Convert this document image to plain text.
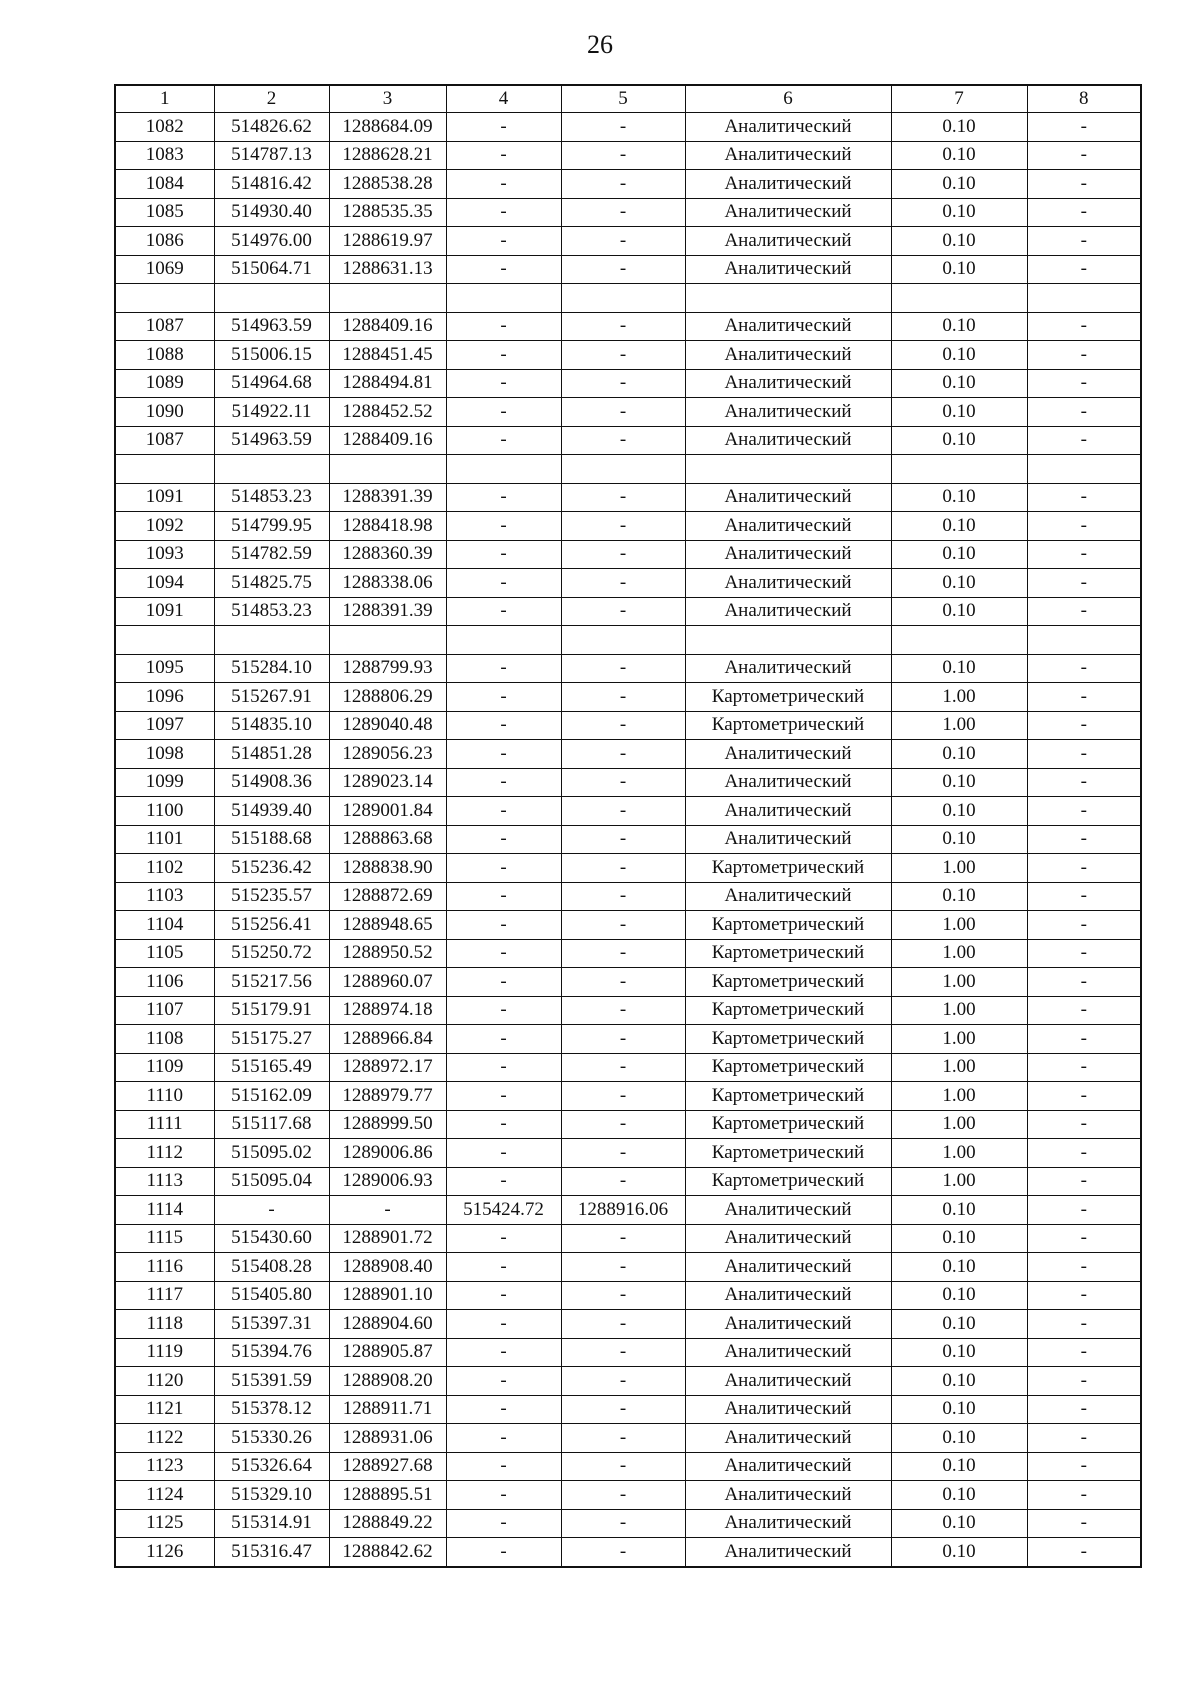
26
1	2	3	4	5	6	7	8
1082	514826.62	1288684.09	-	-	Аналитический	0.10	-
1083	514787.13	1288628.21	-	-	Аналитический	0.10	-
1084	514816.42	1288538.28	-	-	Аналитический	0.10	-
1085	514930.40	1288535.35	-	-	Аналитический	0.10	-
1086	514976.00	1288619.97	-	-	Аналитический	0.10	-
1069	515064.71	1288631.13	-	-	Аналитический	0.10	-

1087	514963.59	1288409.16	-	-	Аналитический	0.10	-
1088	515006.15	1288451.45	-	-	Аналитический	0.10	-
1089	514964.68	1288494.81	-	-	Аналитический	0.10	-
1090	514922.11	1288452.52	-	-	Аналитический	0.10	-
1087	514963.59	1288409.16	-	-	Аналитический	0.10	-

1091	514853.23	1288391.39	-	-	Аналитический	0.10	-
1092	514799.95	1288418.98	-	-	Аналитический	0.10	-
1093	514782.59	1288360.39	-	-	Аналитический	0.10	-
1094	514825.75	1288338.06	-	-	Аналитический	0.10	-
1091	514853.23	1288391.39	-	-	Аналитический	0.10	-

1095	515284.10	1288799.93	-	-	Аналитический	0.10	-
1096	515267.91	1288806.29	-	-	Картометрический	1.00	-
1097	514835.10	1289040.48	-	-	Картометрический	1.00	-
1098	514851.28	1289056.23	-	-	Аналитический	0.10	-
1099	514908.36	1289023.14	-	-	Аналитический	0.10	-
1100	514939.40	1289001.84	-	-	Аналитический	0.10	-
1101	515188.68	1288863.68	-	-	Аналитический	0.10	-
1102	515236.42	1288838.90	-	-	Картометрический	1.00	-
1103	515235.57	1288872.69	-	-	Аналитический	0.10	-
1104	515256.41	1288948.65	-	-	Картометрический	1.00	-
1105	515250.72	1288950.52	-	-	Картометрический	1.00	-
1106	515217.56	1288960.07	-	-	Картометрический	1.00	-
1107	515179.91	1288974.18	-	-	Картометрический	1.00	-
1108	515175.27	1288966.84	-	-	Картометрический	1.00	-
1109	515165.49	1288972.17	-	-	Картометрический	1.00	-
1110	515162.09	1288979.77	-	-	Картометрический	1.00	-
1111	515117.68	1288999.50	-	-	Картометрический	1.00	-
1112	515095.02	1289006.86	-	-	Картометрический	1.00	-
1113	515095.04	1289006.93	-	-	Картометрический	1.00	-
1114	-	-	515424.72	1288916.06	Аналитический	0.10	-
1115	515430.60	1288901.72	-	-	Аналитический	0.10	-
1116	515408.28	1288908.40	-	-	Аналитический	0.10	-
1117	515405.80	1288901.10	-	-	Аналитический	0.10	-
1118	515397.31	1288904.60	-	-	Аналитический	0.10	-
1119	515394.76	1288905.87	-	-	Аналитический	0.10	-
1120	515391.59	1288908.20	-	-	Аналитический	0.10	-
1121	515378.12	1288911.71	-	-	Аналитический	0.10	-
1122	515330.26	1288931.06	-	-	Аналитический	0.10	-
1123	515326.64	1288927.68	-	-	Аналитический	0.10	-
1124	515329.10	1288895.51	-	-	Аналитический	0.10	-
1125	515314.91	1288849.22	-	-	Аналитический	0.10	-
1126	515316.47	1288842.62	-	-	Аналитический	0.10	-
